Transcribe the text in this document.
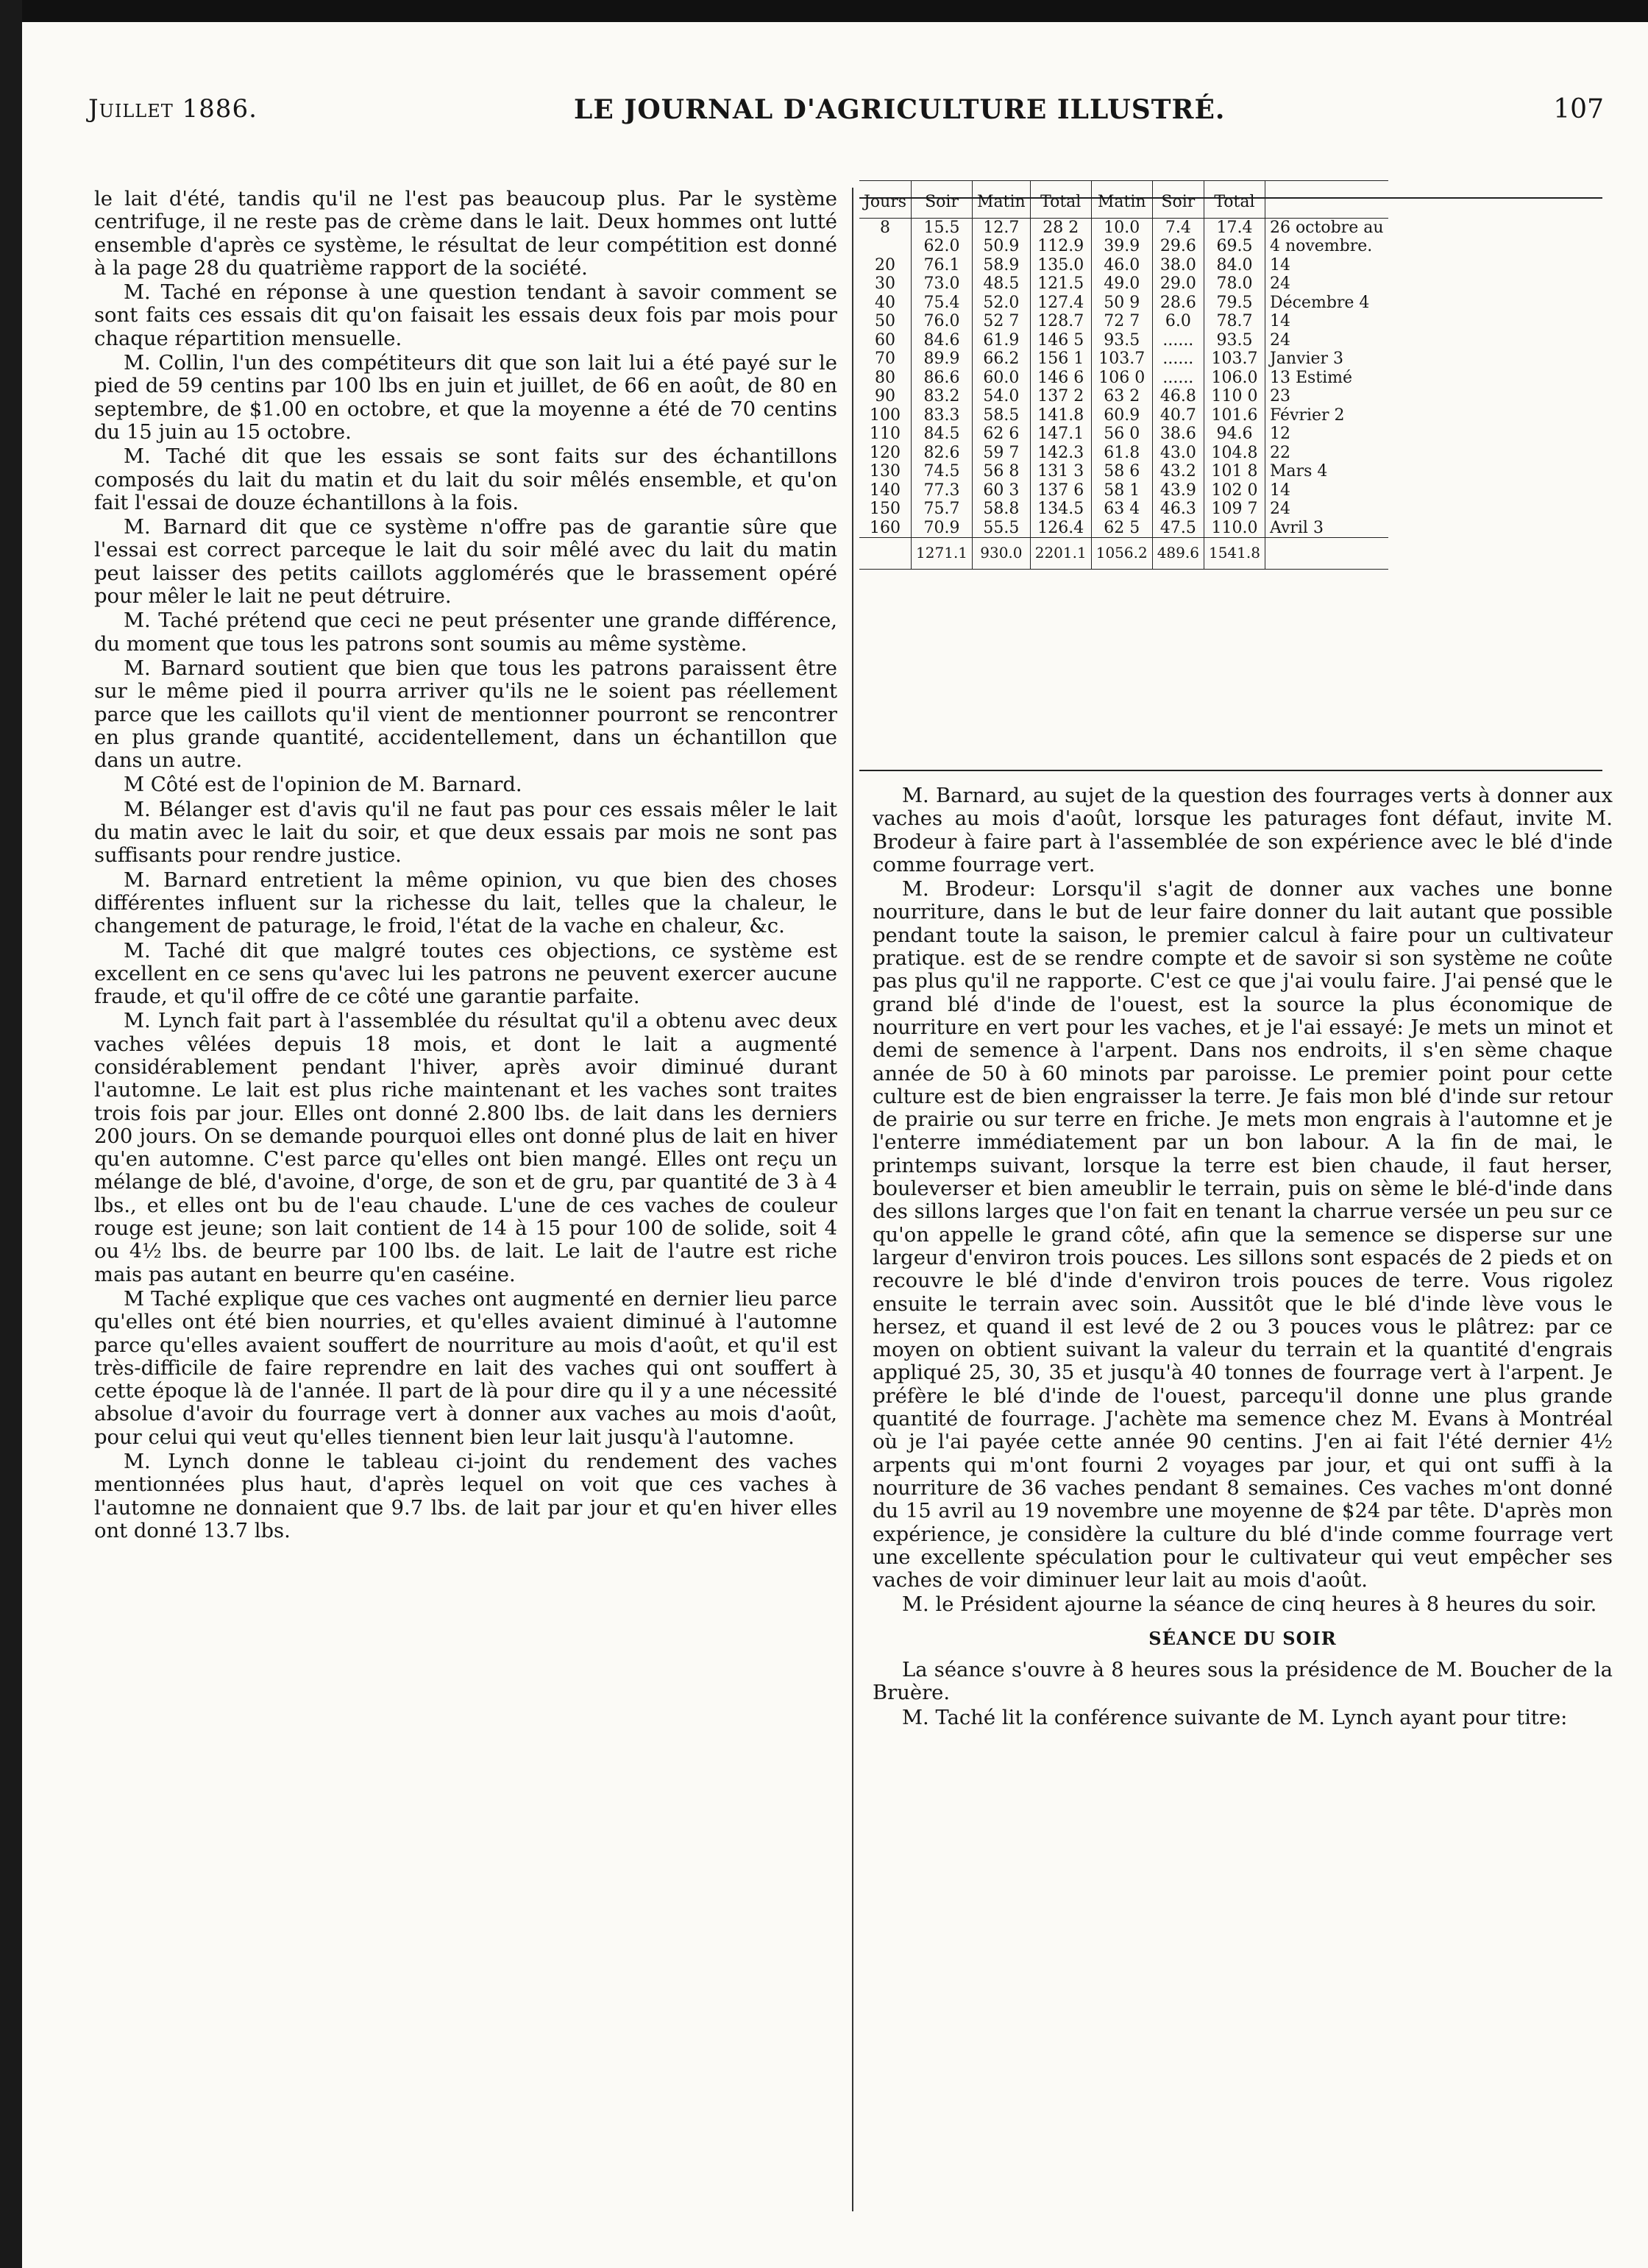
Juillet 1886.	LE JOURNAL D'AGRICULTURE ILLUSTRÉ.	107

le lait d'été, tandis qu'il ne l'est pas beaucoup plus. Par le système centrifuge, il ne reste pas de crème dans le lait. Deux hommes ont lutté ensemble d'après ce système, le résultat de leur compétition est donné à la page 28 du quatrième rapport de la société.

M. Taché en réponse à une question tendant à savoir comment se sont faits ces essais dit qu'on faisait les essais deux fois par mois pour chaque répartition mensuelle.

M. Collin, l'un des compétiteurs dit que son lait lui a été payé sur le pied de 59 centins par 100 lbs en juin et juillet, de 66 en août, de 80 en septembre, de $1.00 en octobre, et que la moyenne a été de 70 centins du 15 juin au 15 octobre.

M. Taché dit que les essais se sont faits sur des échantillons composés du lait du matin et du lait du soir mêlés ensemble, et qu'on fait l'essai de douze échantillons à la fois.

M. Barnard dit que ce système n'offre pas de garantie sûre que l'essai est correct parceque le lait du soir mêlé avec du lait du matin peut laisser des petits caillots agglomérés que le brassement opéré pour mêler le lait ne peut détruire.

M. Taché prétend que ceci ne peut présenter une grande différence, du moment que tous les patrons sont soumis au même système.

M. Barnard soutient que bien que tous les patrons paraissent être sur le même pied il pourra arriver qu'ils ne le soient pas réellement parce que les caillots qu'il vient de mentionner pourront se rencontrer en plus grande quantité, accidentellement, dans un échantillon que dans un autre.

M Côté est de l'opinion de M. Barnard.

M. Bélanger est d'avis qu'il ne faut pas pour ces essais mêler le lait du matin avec le lait du soir, et que deux essais par mois ne sont pas suffisants pour rendre justice.

M. Barnard entretient la même opinion, vu que bien des choses différentes influent sur la richesse du lait, telles que la chaleur, le changement de paturage, le froid, l'état de la vache en chaleur, &c.

M. Taché dit que malgré toutes ces objections, ce système est excellent en ce sens qu'avec lui les patrons ne peuvent exercer aucune fraude, et qu'il offre de ce côté une garantie parfaite.

M. Lynch fait part à l'assemblée du résultat qu'il a obtenu avec deux vaches vêlées depuis 18 mois, et dont le lait a augmenté considérablement pendant l'hiver, après avoir diminué durant l'automne. Le lait est plus riche maintenant et les vaches sont traites trois fois par jour. Elles ont donné 2.800 lbs. de lait dans les derniers 200 jours. On se demande pourquoi elles ont donné plus de lait en hiver qu'en automne. C'est parce qu'elles ont bien mangé. Elles ont reçu un mélange de blé, d'avoine, d'orge, de son et de gru, par quantité de 3 à 4 lbs., et elles ont bu de l'eau chaude. L'une de ces vaches de couleur rouge est jeune; son lait contient de 14 à 15 pour 100 de solide, soit 4 ou 4½ lbs. de beurre par 100 lbs. de lait. Le lait de l'autre est riche mais pas autant en beurre qu'en caséine.

M Taché explique que ces vaches ont augmenté en dernier lieu parce qu'elles ont été bien nourries, et qu'elles avaient diminué à l'automne parce qu'elles avaient souffert de nourriture au mois d'août, et qu'il est très-difficile de faire reprendre en lait des vaches qui ont souffert à cette époque là de l'année. Il part de là pour dire qu il y a une nécessité absolue d'avoir du fourrage vert à donner aux vaches au mois d'août, pour celui qui veut qu'elles tiennent bien leur lait jusqu'à l'automne.

M. Lynch donne le tableau ci-joint du rendement des vaches mentionnées plus haut, d'après lequel on voit que ces vaches à l'automne ne donnaient que 9.7 lbs. de lait par jour et qu'en hiver elles ont donné 13.7 lbs.

Jours	Soir	Matin	Total	Matin	Soir	Total	
8	15.5	12.7	28 2	10.0	7.4	17.4	26 octobre au
	62.0	50.9	112.9	39.9	29.6	69.5	4 novembre.
20	76.1	58.9	135.0	46.0	38.0	84.0	14
30	73.0	48.5	121.5	49.0	29.0	78.0	24
40	75.4	52.0	127.4	50 9	28.6	79.5	Décembre 4
50	76.0	52 7	128.7	72 7	6.0	78.7	14
60	84.6	61.9	146 5	93.5	......	93.5	24
70	89.9	66.2	156 1	103.7	......	103.7	Janvier 3
80	86.6	60.0	146 6	106 0	......	106.0	13 Estimé
90	83.2	54.0	137 2	63 2	46.8	110 0	23
100	83.3	58.5	141.8	60.9	40.7	101.6	Février 2
110	84.5	62 6	147.1	56 0	38.6	94.6	12
120	82.6	59 7	142.3	61.8	43.0	104.8	22
130	74.5	56 8	131 3	58 6	43.2	101 8	Mars 4
140	77.3	60 3	137 6	58 1	43.9	102 0	14
150	75.7	58.8	134.5	63 4	46.3	109 7	24
160	70.9	55.5	126.4	62 5	47.5	110.0	Avril 3
	1271.1	930.0	2201.1	1056.2	489.6	1541.8	

M. Barnard, au sujet de la question des fourrages verts à donner aux vaches au mois d'août, lorsque les paturages font défaut, invite M. Brodeur à faire part à l'assemblée de son expérience avec le blé d'inde comme fourrage vert.

M. Brodeur: Lorsqu'il s'agit de donner aux vaches une bonne nourriture, dans le but de leur faire donner du lait autant que possible pendant toute la saison, le premier calcul à faire pour un cultivateur pratique. est de se rendre compte et de savoir si son système ne coûte pas plus qu'il ne rapporte. C'est ce que j'ai voulu faire. J'ai pensé que le grand blé d'inde de l'ouest, est la source la plus économique de nourriture en vert pour les vaches, et je l'ai essayé: Je mets un minot et demi de semence à l'arpent. Dans nos endroits, il s'en sème chaque année de 50 à 60 minots par paroisse. Le premier point pour cette culture est de bien engraisser la terre. Je fais mon blé d'inde sur retour de prairie ou sur terre en friche. Je mets mon engrais à l'automne et je l'enterre immédiatement par un bon labour. A la fin de mai, le printemps suivant, lorsque la terre est bien chaude, il faut herser, bouleverser et bien ameublir le terrain, puis on sème le blé-d'inde dans des sillons larges que l'on fait en tenant la charrue versée un peu sur ce qu'on appelle le grand côté, afin que la semence se disperse sur une largeur d'environ trois pouces. Les sillons sont espacés de 2 pieds et on recouvre le blé d'inde d'environ trois pouces de terre. Vous rigolez ensuite le terrain avec soin. Aussitôt que le blé d'inde lève vous le hersez, et quand il est levé de 2 ou 3 pouces vous le plâtrez: par ce moyen on obtient suivant la valeur du terrain et la quantité d'engrais appliqué 25, 30, 35 et jusqu'à 40 tonnes de fourrage vert à l'arpent. Je préfère le blé d'inde de l'ouest, parcequ'il donne une plus grande quantité de fourrage. J'achète ma semence chez M. Evans à Montréal où je l'ai payée cette année 90 centins. J'en ai fait l'été dernier 4½ arpents qui m'ont fourni 2 voyages par jour, et qui ont suffi à la nourriture de 36 vaches pendant 8 semaines. Ces vaches m'ont donné du 15 avril au 19 novembre une moyenne de $24 par tête. D'après mon expérience, je considère la culture du blé d'inde comme fourrage vert une excellente spéculation pour le cultivateur qui veut empêcher ses vaches de voir diminuer leur lait au mois d'août.

M. le Président ajourne la séance de cinq heures à 8 heures du soir.

SÉANCE DU SOIR

La séance s'ouvre à 8 heures sous la présidence de M. Boucher de la Bruère.

M. Taché lit la conférence suivante de M. Lynch ayant pour titre:
